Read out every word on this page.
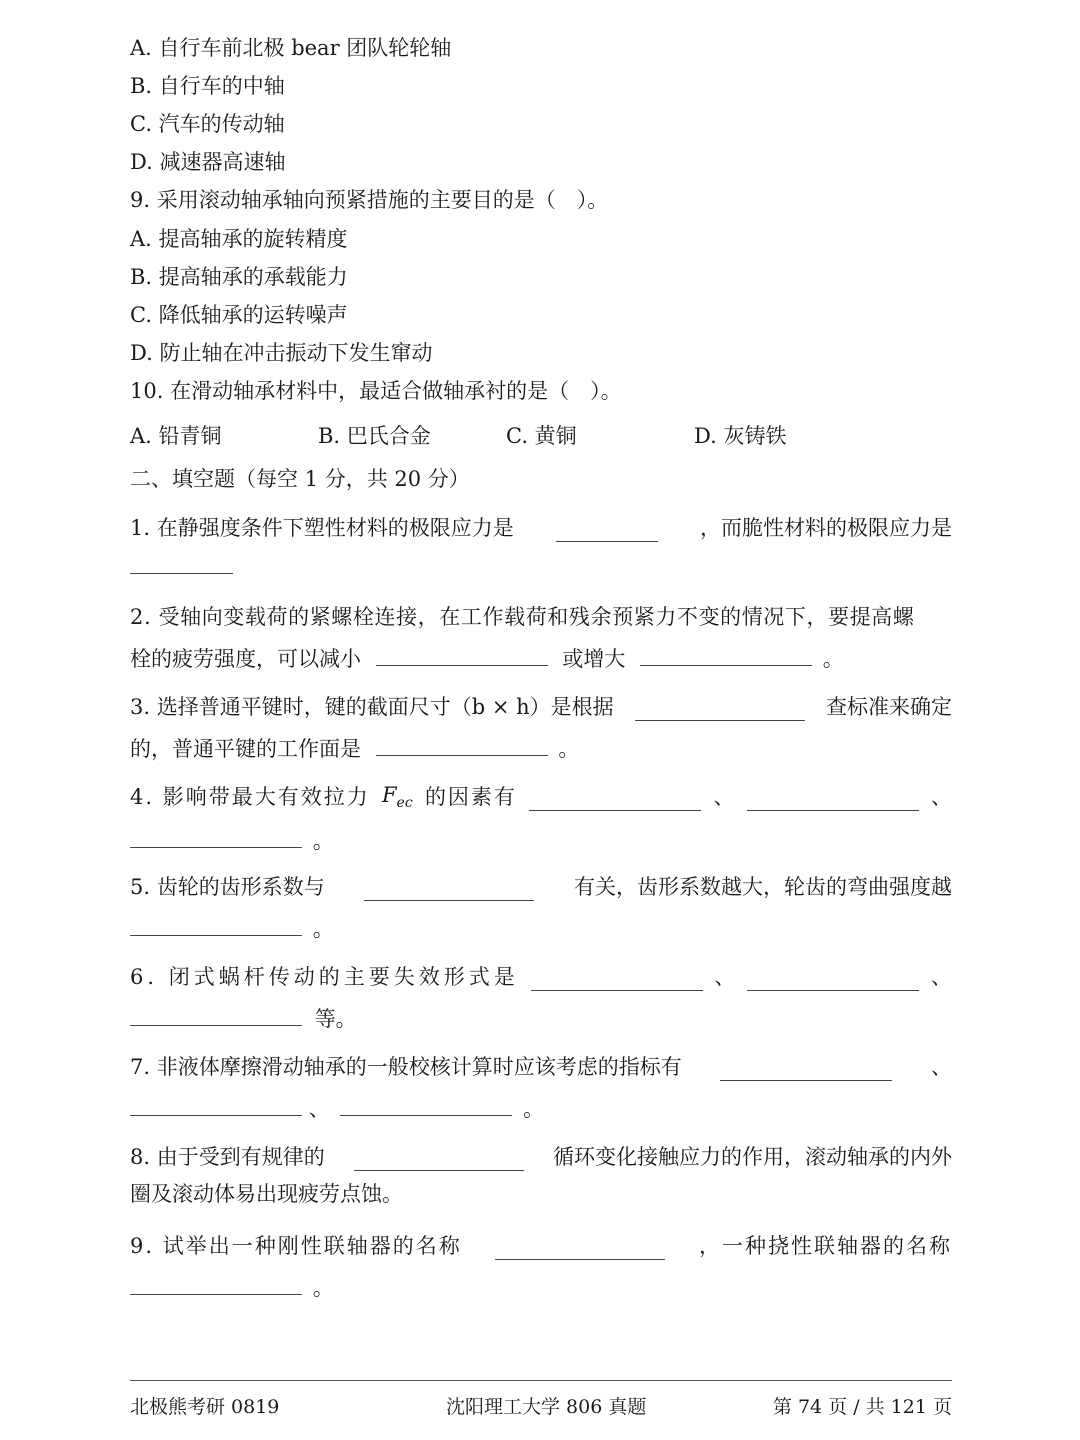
A. 自行车前北极 bear 团队轮轮轴
B. 自行车的中轴
C. 汽车的传动轴
D. 减速器高速轴
9. 采用滚动轴承轴向预紧措施的主要目的是（　）。
A. 提高轴承的旋转精度
B. 提高轴承的承载能力
C. 降低轴承的运转噪声
D. 防止轴在冲击振动下发生窜动
10. 在滑动轴承材料中，最适合做轴承衬的是（　）。
A. 铅青铜	B. 巴氏合金	C. 黄铜	D. 灰铸铁
二、填空题（每空 1 分，共 20 分）
1. 在静强度条件下塑性材料的极限应力是	，而脆性材料的极限应力是
2. 受轴向变载荷的紧螺栓连接，在工作载荷和残余预紧力不变的情况下，要提高螺
栓的疲劳强度，可以减小	或增大	。
3. 选择普通平键时，键的截面尺寸（b × h）是根据	查标准来确定
的，普通平键的工作面是	。
4. 影响带最大有效拉力 $F_{ec}$ 的因素有	、	、
。
5. 齿轮的齿形系数与	有关，齿形系数越大，轮齿的弯曲强度越
。
6. 闭式蜗杆传动的主要失效形式是	、	、
等。
7. 非液体摩擦滑动轴承的一般校核计算时应该考虑的指标有	、
、	。
8. 由于受到有规律的	循环变化接触应力的作用，滚动轴承的内外
圈及滚动体易出现疲劳点蚀。
9. 试举出一种刚性联轴器的名称	，一种挠性联轴器的名称
。
北极熊考研 0819	沈阳理工大学 806 真题	第 74 页 / 共 121 页
